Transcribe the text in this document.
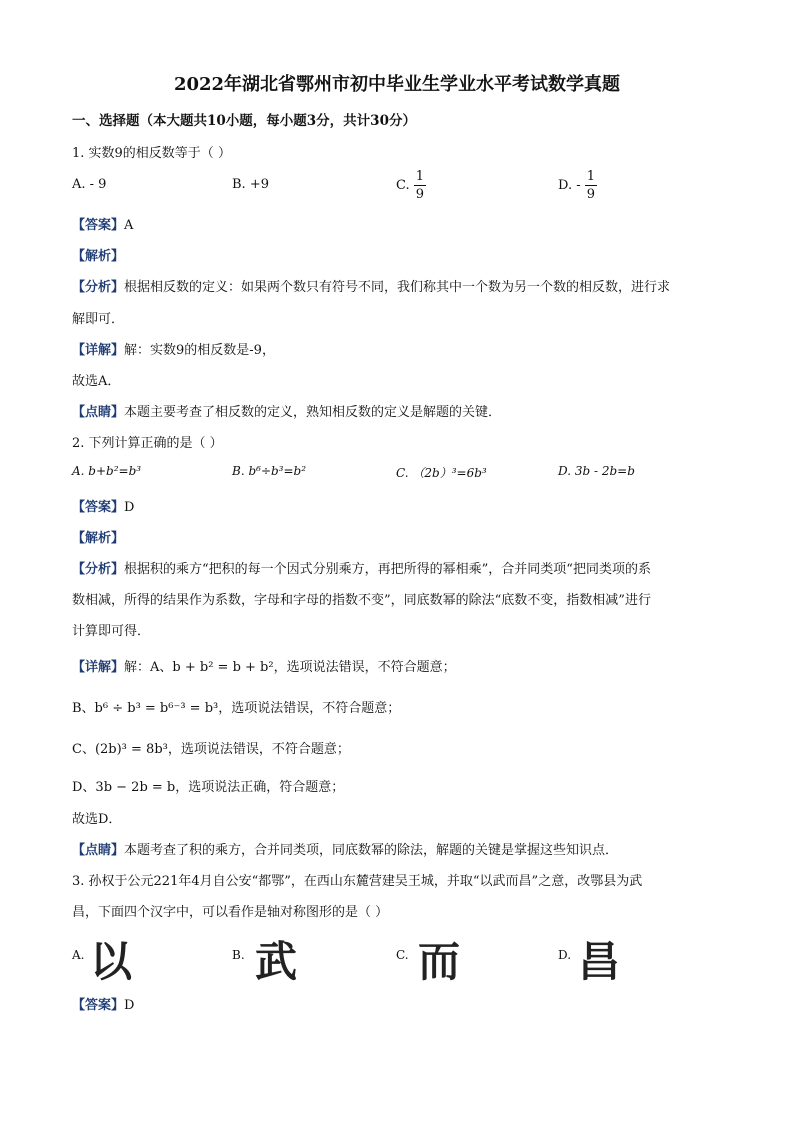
2022年湖北省鄂州市初中毕业生学业水平考试数学真题
一、选择题（本大题共10小题，每小题3分，共计30分）
1. 实数9的相反数等于（ ）
A. - 9	B. +9	C. $\frac{1}{9}$	D. - $\frac{1}{9}$
【答案】A
【解析】
【分析】根据相反数的定义：如果两个数只有符号不同，我们称其中一个数为另一个数的相反数，进行求
解即可．
【详解】解：实数9的相反数是-9，
故选A．
【点睛】本题主要考查了相反数的定义，熟知相反数的定义是解题的关键．
2. 下列计算正确的是（ ）
A. b+b²=b³	B. b⁶÷b³=b²	C. （2b）³=6b³	D. 3b - 2b=b
【答案】D
【解析】
【分析】根据积的乘方“把积的每一个因式分别乘方，再把所得的幂相乘”，合并同类项“把同类项的系
数相减，所得的结果作为系数，字母和字母的指数不变”，同底数幂的除法“底数不变，指数相减”进行
计算即可得．
【详解】解：A、b + b² = b + b²，选项说法错误，不符合题意；
B、b⁶ ÷ b³ = b⁶⁻³ = b³，选项说法错误，不符合题意；
C、(2b)³ = 8b³，选项说法错误，不符合题意；
D、3b − 2b = b，选项说法正确，符合题意；
故选D．
【点睛】本题考查了积的乘方，合并同类项，同底数幂的除法，解题的关键是掌握这些知识点．
3. 孙权于公元221年4月自公安“都鄂”，在西山东麓营建吴王城，并取“以武而昌”之意，改鄂县为武
昌，下面四个汉字中，可以看作是轴对称图形的是（ ）
A. 以	B. 武	C. 而	D. 昌
【答案】D
